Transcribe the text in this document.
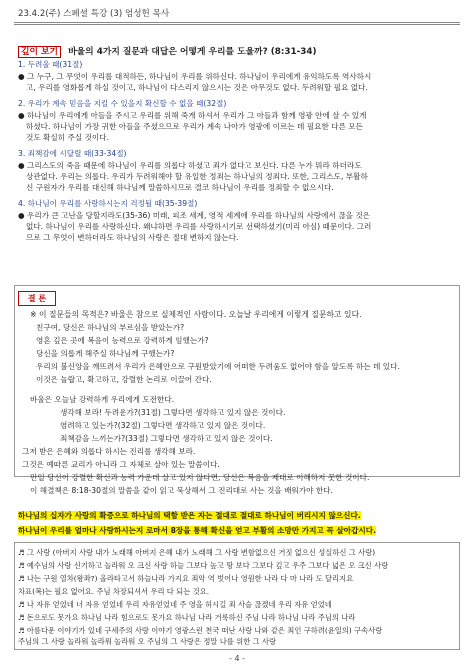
23.4.2(주) 스페셜 특강 (3) 엄성헌 목사
깊이 보기 바울의 4가지 질문과 대답은 어떻게 우리를 도울까? (8:31-34)
1. 두려울 때(31절)
● 그 누구, 그 무엇이 우리를 대적하든, 하나님이 우리를 위하신다. 하나님이 우리에게 유익하도록 역사하시
고, 우리를 영화롭게 하실 것이고, 하나님이 다스리지 않으시는 것은 아무것도 없다. 두려워할 필요 없다.
2. 우리가 계속 믿음을 지킬 수 있을지 확신할 수 없을 때(32절)
● 하나님이 우리에게 아들을 주시고 우리를 위해 죽게 하셔서 우리가 그 아들과 함께 영광 안에 살 수 있게
하셨다. 하나님이 가장 귀한 아들을 주셨으므로 우리가 계속 나아가 영광에 이르는 데 필요한 다른 모든
것도 확실히 주실 것이다.
3. 죄책감에 시달릴 때(33-34절)
● 그리스도의 죽음 때문에 하나님이 우리를 의롭다 하셨고 죄가 없다고 보신다. 다른 누가 뭐라 하더라도
상관없다. 우리는 의롭다. 우리가 두려워해야 할 유일한 정죄는 하나님의 정죄다. 또한, 그리스도, 부활하
신 구원자가 우리를 대신해 하나님께 말씀하시므로 결코 하나님이 우리를 정죄할 수 없으시다.
4. 하나님이 우리를 사랑하시는지 걱정될 때(35-39절)
● 우리가 큰 고난을 당할지라도(35-36) 미래, 피조 세계, 영적 세계에 우리를 하나님의 사랑에서 끊을 것은
없다. 하나님이 우리를 사랑하신다. 왜냐하면 우리를 사랑하시기로 선택하셨기(미리 아심) 때문이다. 그러
므로 그 무엇이 변하더라도 하나님의 사랑은 절대 변하지 않는다.
결 론
※ 이 질문들의 목적은? 바울은 참으로 실제적인 사람이다. 오늘날 우리에게 이렇게 질문하고 있다.
친구여, 당신은 하나님의 부르심을 받았는가?
영혼 깊은 곳에 복음이 능력으로 강력하게 임했는가?
당신을 의롭게 해주실 하나님께 구했는가?
우리의 불신앙을 깨뜨려서 우리가 은혜안으로 구원받았기에 어떠한 두려움도 없어야 함을 알도록 하는 데 있다.
이것은 놀랍고, 확고하고, 강렬한 논리로 이끌어 간다.
바울은 오늘날 강력하게 우리에게 도전한다.
생각해 보라! 두려운가?(31절) 그렇다면 생각하고 있지 않은 것이다.
염려하고 있는가?(32절) 그렇다면 생각하고 있지 않은 것이다.
죄책감을 느끼는가?(33절) 그렇다면 생각하고 있지 않은 것이다.
그저 받은 은혜와 의롭다 하시는 진리를 생각해 보라.
그것은 예따른 교리가 아니라 그 자체로 살아 있는 말씀이다.
만일 당신이 강렬한 확신과 능력 가운데 살고 있지 않다면, 당신은 복음을 제대로 이해하지 못한 것이다.
이 해결책은 8:18-30절의 말씀을 같이 읽고 묵상해서 그 진리대로 사는 것을 배워가야 한다.
하나님의 십자가 사랑의 확증으로 하나님의 택함 받은 자는 절대로 절대로 하나님이 버리시지 않으신다.
하나님이 우리를 얼마나 사랑하시는지 로마서 8장을 통해 확신을 얻고 부활의 소망만 가지고 꼭 살아갑시다.
♬ 그 사랑 (아버지 사랑 내가 노래해 아버지 은혜 내가 노래해 그 사랑 변함없으신 거짓 없으신 성실하신 그 사랑)
♬ 예수님의 사랑 신기하고 놀라워 오 크신 사랑 하늘 그보다 높고 땅 보다 그보다 깊고 우주 그보다 넓은 오 크신 사랑
♬ 나는 구원 열차(왕좌?) 올라타고서 하늘나라 가지요 죄악 역 벗어나 영원한 나라 다 마 나라 도 달리지요
차표(복)는 필요 없어요. 주님 차장되셔서 우리 다 되는 것요.
♬ 나 자유 얻었네 너 자유 얻었네 우리 자유얻었네 주 영을 허시길 죄 사슬 끊겠네 우리 자유 얻었네
♬ 돈으로도 못가요 하나님 나라 힘으로도 못가요 하나님 나라 거룩하신 주님 나라 하나님 나라 주님의 나라
♬ 아름다운 이야기가 있네 구세주의 사랑 이야기 영광스런 천국 떠난 사랑 나와 같은 죄인 구하려(윤일의) 구속사랑
주님의 그 사랑 놀라워 놀라워 놀라워 오 주님의 그 사랑은 정말 나를 위한 그 사랑
- 4 -
